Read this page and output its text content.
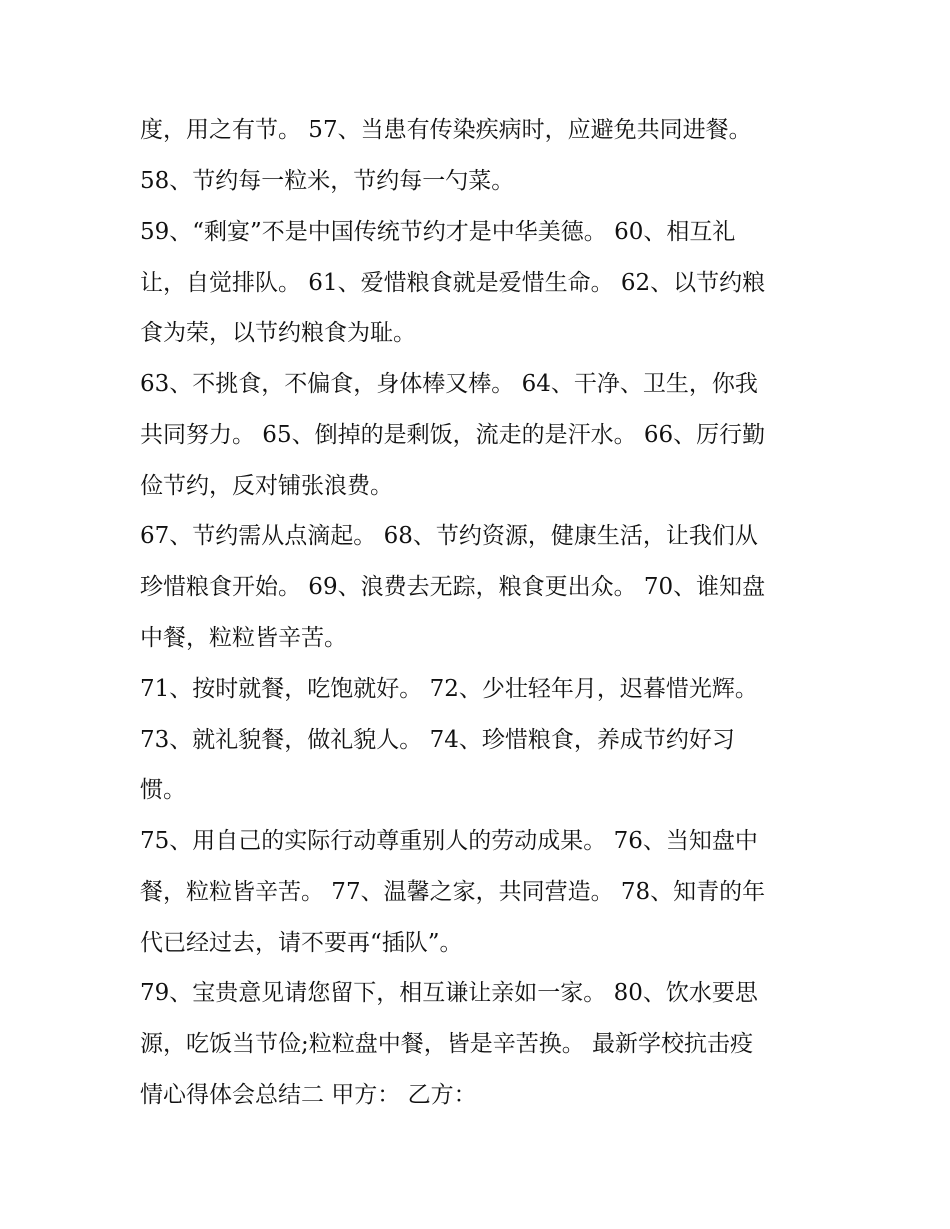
度，用之有节。 57、当患有传染疾病时，应避免共同进餐。
58、节约每一粒米，节约每一勺菜。
59、“剩宴”不是中国传统节约才是中华美德。 60、相互礼
让，自觉排队。 61、爱惜粮食就是爱惜生命。 62、以节约粮
食为荣，以节约粮食为耻。
63、不挑食，不偏食，身体棒又棒。 64、干净、卫生，你我
共同努力。 65、倒掉的是剩饭，流走的是汗水。 66、厉行勤
俭节约，反对铺张浪费。
67、节约需从点滴起。 68、节约资源，健康生活，让我们从
珍惜粮食开始。 69、浪费去无踪，粮食更出众。 70、谁知盘
中餐，粒粒皆辛苦。
71、按时就餐，吃饱就好。 72、少壮轻年月，迟暮惜光辉。
73、就礼貌餐，做礼貌人。 74、珍惜粮食，养成节约好习
惯。
75、用自己的实际行动尊重别人的劳动成果。 76、当知盘中
餐，粒粒皆辛苦。 77、温馨之家，共同营造。 78、知青的年
代已经过去，请不要再“插队”。
79、宝贵意见请您留下，相互谦让亲如一家。 80、饮水要思
源，吃饭当节俭;粒粒盘中餐，皆是辛苦换。 最新学校抗击疫
情心得体会总结二 甲方： 乙方：
